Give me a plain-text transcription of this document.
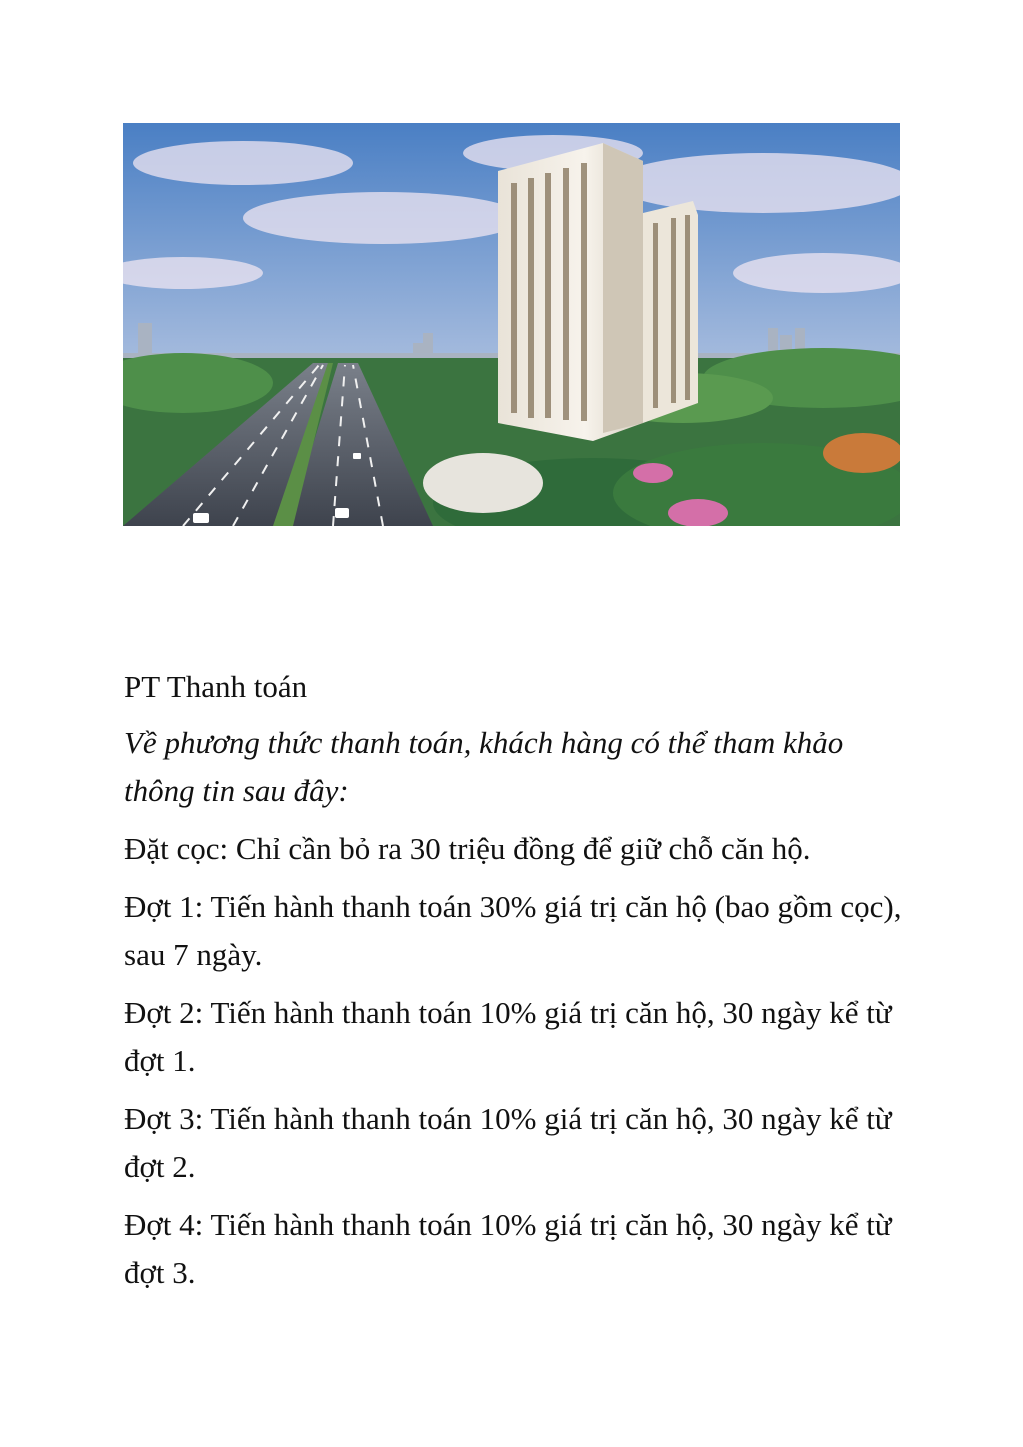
PT Thanh toán

Về phương thức thanh toán, khách hàng có thể tham khảo thông tin sau đây:

Đặt cọc: Chỉ cần bỏ ra 30 triệu đồng để giữ chỗ căn hộ.

Đợt 1: Tiến hành thanh toán 30% giá trị căn hộ (bao gồm cọc), sau 7 ngày.

Đợt 2: Tiến hành thanh toán 10% giá trị căn hộ, 30 ngày kể từ đợt 1.

Đợt 3: Tiến hành thanh toán 10% giá trị căn hộ, 30 ngày kể từ đợt 2.

Đợt 4: Tiến hành thanh toán 10% giá trị căn hộ, 30 ngày kể từ đợt 3.
